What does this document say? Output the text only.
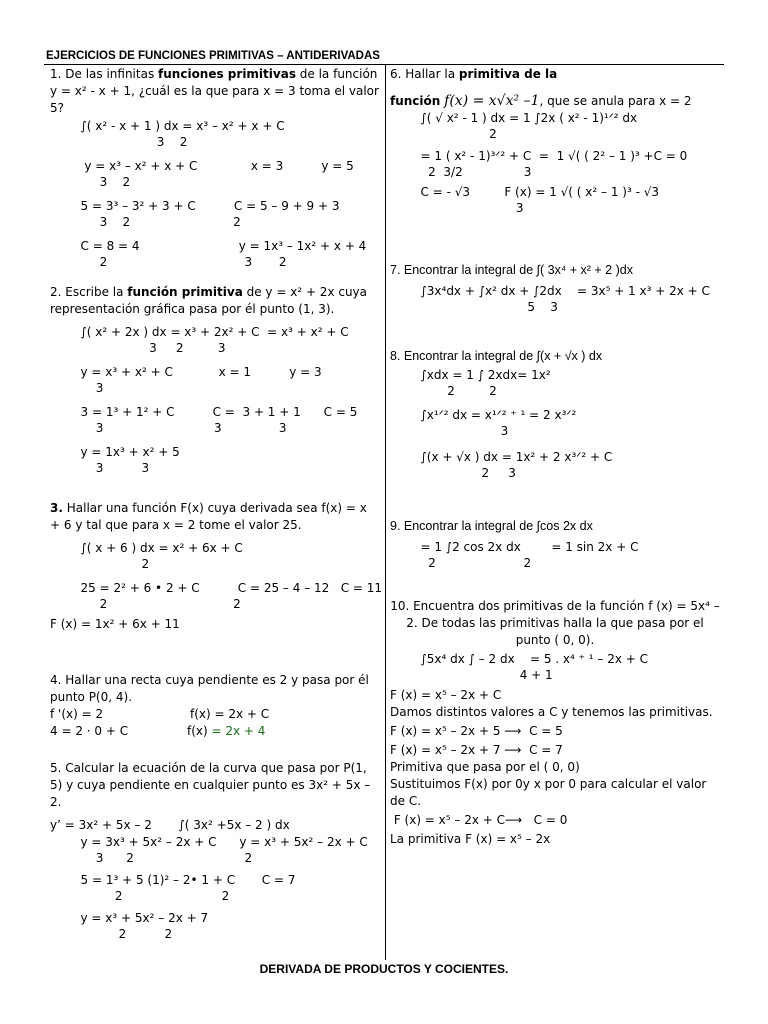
EJERCICIOS DE FUNCIONES PRIMITIVAS – ANTIDERIVADAS
1. De las infinitas funciones primitivas de la función y = x² - x + 1, ¿cuál es la que para x = 3 toma el valor 5?

∫( x² - x + 1 ) dx = x³ – x² + x + C

3    2

y = x³ – x² + x + C              x = 3          y = 5

3    2

5 = 3³ – 3² + 3 + C          C = 5 – 9 + 9 + 3

3    2                           2

C = 8 = 4                          y = 1x³ – 1x² + x + 4

2                                    3       2

2. Escribe la función primitiva de y = x² + 2x cuya representación gráfica pasa por él punto (1, 3).

∫( x² + 2x ) dx = x³ + 2x² + C  = x³ + x² + C

3     2         3

y = x³ + x² + C            x = 1          y = 3

3

3 = 1³ + 1² + C          C =  3 + 1 + 1      C = 5

3                             3               3

y = 1x³ + x² + 5

3          3

3. Hallar una función F(x) cuya derivada sea f(x) = x + 6 y tal que para x = 2 tome el valor 25.

∫( x + 6 ) dx = x² + 6x + C

2

25 = 2² + 6 • 2 + C          C = 25 – 4 – 12   C = 11

2                                 2

F (x) = 1x² + 6x + 11
4. Hallar una recta cuya pendiente es 2 y pasa por él punto P(0, 4).
f '(x) = 2	f(x) = 2x + C
4 = 2 · 0 + C	f(x) = 2x + 4
5. Calcular la ecuación de la curva que pasa por P(1, 5) y cuya pendiente en cualquier punto es 3x² + 5x – 2.
y’ = 3x² + 5x – 2       ∫( 3x² +5x – 2 ) dx

y = 3x³ + 5x² – 2x + C      y = x³ + 5x² – 2x + C

3      2                             2

5 = 1³ + 5 (1)² – 2• 1 + C       C = 7

2                          2

y = x³ + 5x² – 2x + 7

2          2

6. Hallar la primitiva de la
función f(x) = x√x² –1, que se anula para x = 2

∫( √ x² - 1 ) dx = 1 ∫2x ( x² - 1)¹ᐟ² dx

2

= 1 ( x² - 1)³ᐟ² + C  =  1 √( ( 2² – 1 )³ +C = 0

2  3/2                3

C = - √3         F (x) = 1 √( ( x² – 1 )³ - √3

3

7. Encontrar la integral de ∫( 3x⁴ + x² + 2 )dx

∫3x⁴dx + ∫x² dx + ∫2dx    = 3x⁵ + 1 x³ + 2x + C

5    3

8. Encontrar la integral de ∫(x + √x ) dx

∫xdx = 1 ∫ 2xdx= 1x²

2         2

∫x¹ᐟ² dx = x¹ᐟ² ⁺ ¹ = 2 x³ᐟ²

3

∫(x + √x ) dx = 1x² + 2 x³ᐟ² + C

2     3

9. Encontrar la integral de ∫cos 2x dx

= 1 ∫2 cos 2x dx        = 1 sin 2x + C

2                       2

10. Encuentra dos primitivas de la función f (x) = 5x⁴ – 2. De todas las primitivas halla la que pasa por el punto ( 0, 0).

∫5x⁴ dx ∫ – 2 dx    = 5 . x⁴ ⁺ ¹ – 2x + C

4 + 1

F (x) = x⁵ – 2x + C
Damos distintos valores a C y tenemos las primitivas.
F (x) = x⁵ – 2x + 5 ⟶  C = 5
F (x) = x⁵ – 2x + 7 ⟶  C = 7
Primitiva que pasa por el ( 0, 0)
Sustituimos F(x) por 0y x por 0 para calcular el valor de C.
F (x) = x⁵ – 2x + C⟶   C = 0
La primitiva F (x) = x⁵ – 2x
DERIVADA DE PRODUCTOS Y COCIENTES.
